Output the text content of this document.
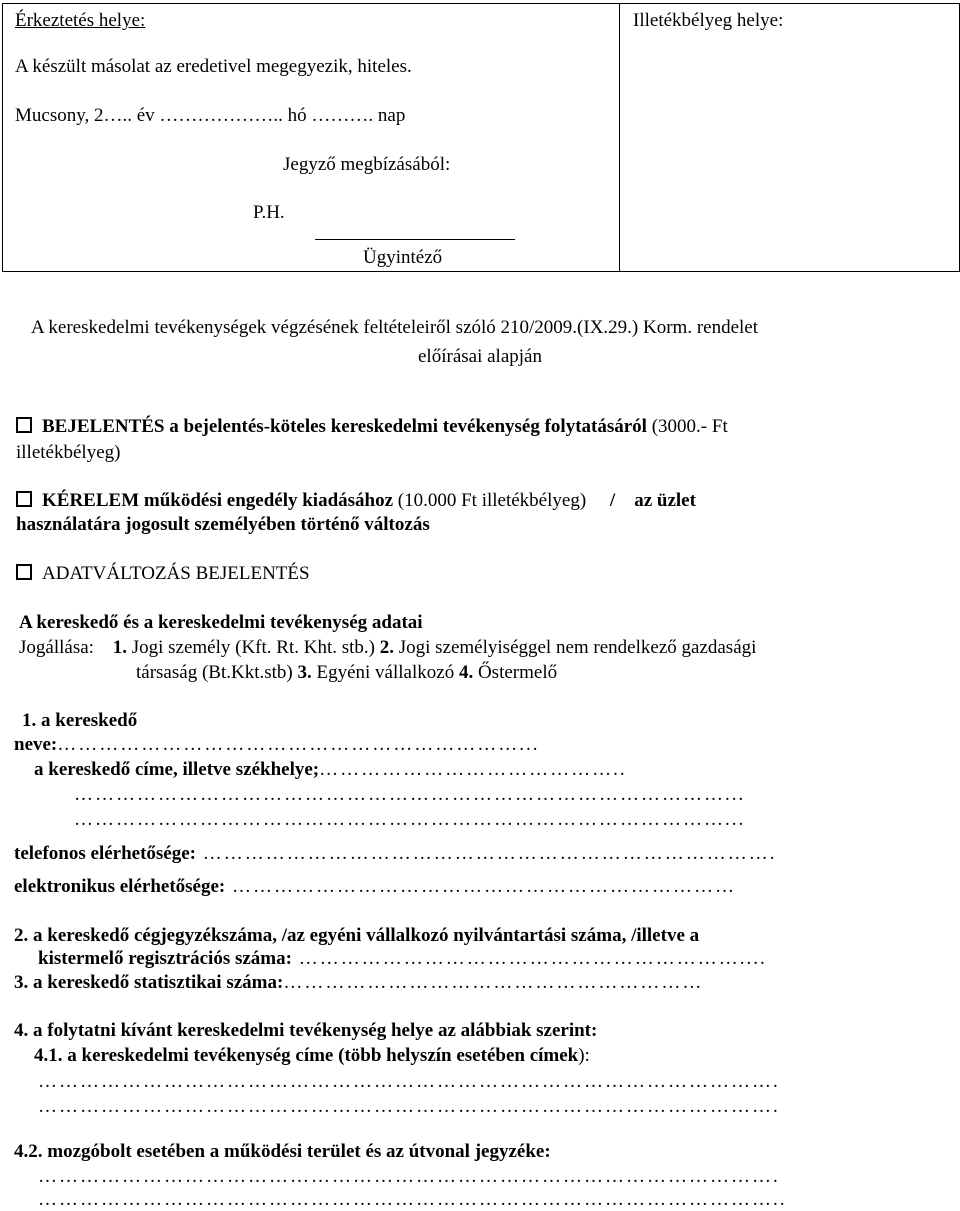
Érkeztetés helye:
A készült másolat az eredetivel megegyezik, hiteles.
Mucsony, 2….. év ……………….. hó ………. nap
Jegyző megbízásából:
P.H.
Ügyintéző
Illetékbélyeg helye:
A kereskedelmi tevékenységek végzésének feltételeiről szóló 210/2009.(IX.29.) Korm. rendelet
előírásai alapján
BEJELENTÉS a bejelentés-köteles kereskedelmi tevékenység folytatásáról (3000.- Ft
illetékbélyeg)
KÉRELEM működési engedély kiadásához (10.000 Ft illetékbélyeg)     /    az üzlet
használatára jogosult személyében történő változás
ADATVÁLTOZÁS BEJELENTÉS
A kereskedő és a kereskedelmi tevékenység adatai
Jogállása: 1. Jogi személy (Kft. Rt. Kht. stb.) 2. Jogi személyiséggel nem rendelkező gazdasági
társaság (Bt.Kkt.stb) 3. Egyéni vállalkozó 4. Őstermelő
1. a kereskedő
neve:…………………………………………………………...
a kereskedő címe, illetve székhelye;……………………………………..
…………………………………………………………………………………...
…………………………………………………………………………………...
telefonos elérhetősége: ……………………………………………………………………….
elektronikus elérhetősége: ………………………………………………………………
2. a kereskedő cégjegyzékszáma, /az egyéni vállalkozó nyilvántartási száma, /illetve a
kistermelő regisztrációs száma: ………………………………………………………....
3. a kereskedő statisztikai száma:……………………………………………………
4. a folytatni kívánt kereskedelmi tevékenység helye az alábbiak szerint:
4.1. a kereskedelmi tevékenység címe (több helyszín esetében címek):
…………………………………………………………………………………………….
…………………………………………………………………………………………….
4.2. mozgóbolt esetében a működési terület és az útvonal jegyzéke:
…………………………………………………………………………………………….
……………………………………………………………………………………………..
